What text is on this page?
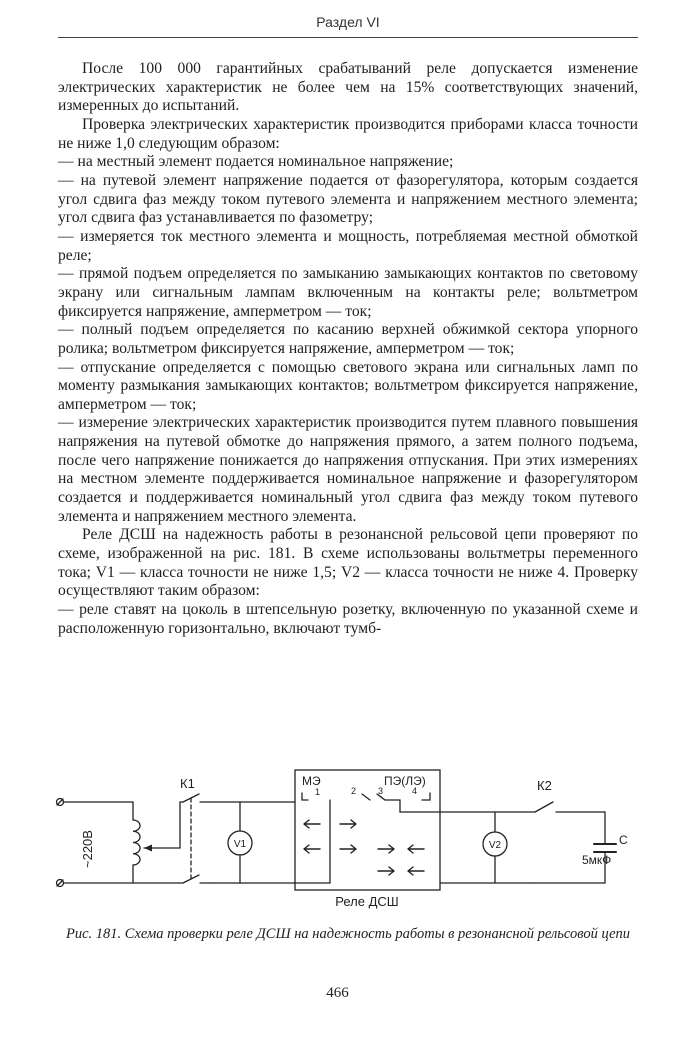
Раздел VI

После 100 000 гарантийных срабатываний реле допускается изменение электрических характеристик не более чем на 15% соответствующих значений, измеренных до испытаний.

Проверка электрических характеристик производится приборами класса точности не ниже 1,0 следующим образом:

— на местный элемент подается номинальное напряжение;

— на путевой элемент напряжение подается от фазорегулятора, которым создается угол сдвига фаз между током путевого элемента и напряжением местного элемента; угол сдвига фаз устанавливается по фазометру;

— измеряется ток местного элемента и мощность, потребляемая местной обмоткой реле;

— прямой подъем определяется по замыканию замыкающих контактов по световому экрану или сигнальным лампам включенным на контакты реле; вольтметром фиксируется напряжение, амперметром — ток;

— полный подъем определяется по касанию верхней обжимкой сектора упорного ролика; вольтметром фиксируется напряжение, амперметром — ток;

— отпускание определяется с помощью светового экрана или сигнальных ламп по моменту размыкания замыкающих контактов; вольтметром фиксируется напряжение, амперметром — ток;

— измерение электрических характеристик производится путем плавного повышения напряжения на путевой обмотке до напряжения прямого, а затем полного подъема, после чего напряжение понижается до напряжения отпускания. При этих измерениях на местном элементе поддерживается номинальное напряжение и фазорегулятором создается и поддерживается номинальный угол сдвига фаз между током путевого элемента и напряжением местного элемента.

Реле ДСШ на надежность работы в резонансной рельсовой цепи проверяют по схеме, изображенной на рис. 181. В схеме использованы вольтметры переменного тока; V1 — класса точности не ниже 1,5; V2 — класса точности не ниже 4. Проверку осуществляют таким образом:

— реле ставят на цоколь в штепсельную розетку, включенную по указанной схеме и расположенную горизонтально, включают тумб-

К1	К2
~220В	V1	V2
МЭ	ПЭ(ЛЭ)
1	2 3	4
С
5мкФ
Реле ДСШ
Рис. 181. Схема проверки реле ДСШ на надежность работы в резонансной рельсовой цепи
466
